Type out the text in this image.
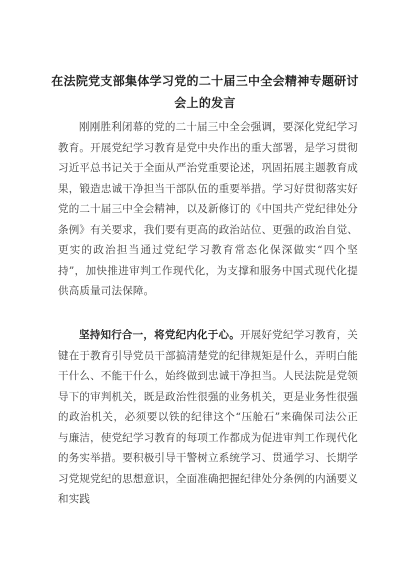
在法院党支部集体学习党的二十届三中全会精神专题研讨
会上的发言

刚刚胜利闭幕的党的二十届三中全会强调，要深化党纪学习教育。开展党纪学习教育是党中央作出的重大部署，是学习贯彻习近平总书记关于全面从严治党重要论述，巩固拓展主题教育成果，锻造忠诚干净担当干部队伍的重要举措。学习好贯彻落实好党的二十届三中全会精神，以及新修订的《中国共产党纪律处分条例》有关要求，我们要有更高的政治站位、更强的政治自觉、更实的政治担当通过党纪学习教育常态化保深做实“四个坚持”，加快推进审判工作现代化，为支撑和服务中国式现代化提供高质量司法保障。

坚持知行合一，将党纪内化于心。开展好党纪学习教育，关键在于教育引导党员干部搞清楚党的纪律规矩是什么，弄明白能干什么、不能干什么，始终做到忠诚干净担当。人民法院是党领导下的审判机关，既是政治性很强的业务机关，更是业务性很强的政治机关，必须要以铁的纪律这个“压舱石”来确保司法公正与廉洁，使党纪学习教育的每项工作都成为促进审判工作现代化的务实举措。要积极引导干警树立系统学习、贯通学习、长期学习党规党纪的思想意识，全面准确把握纪律处分条例的内涵要义和实践
